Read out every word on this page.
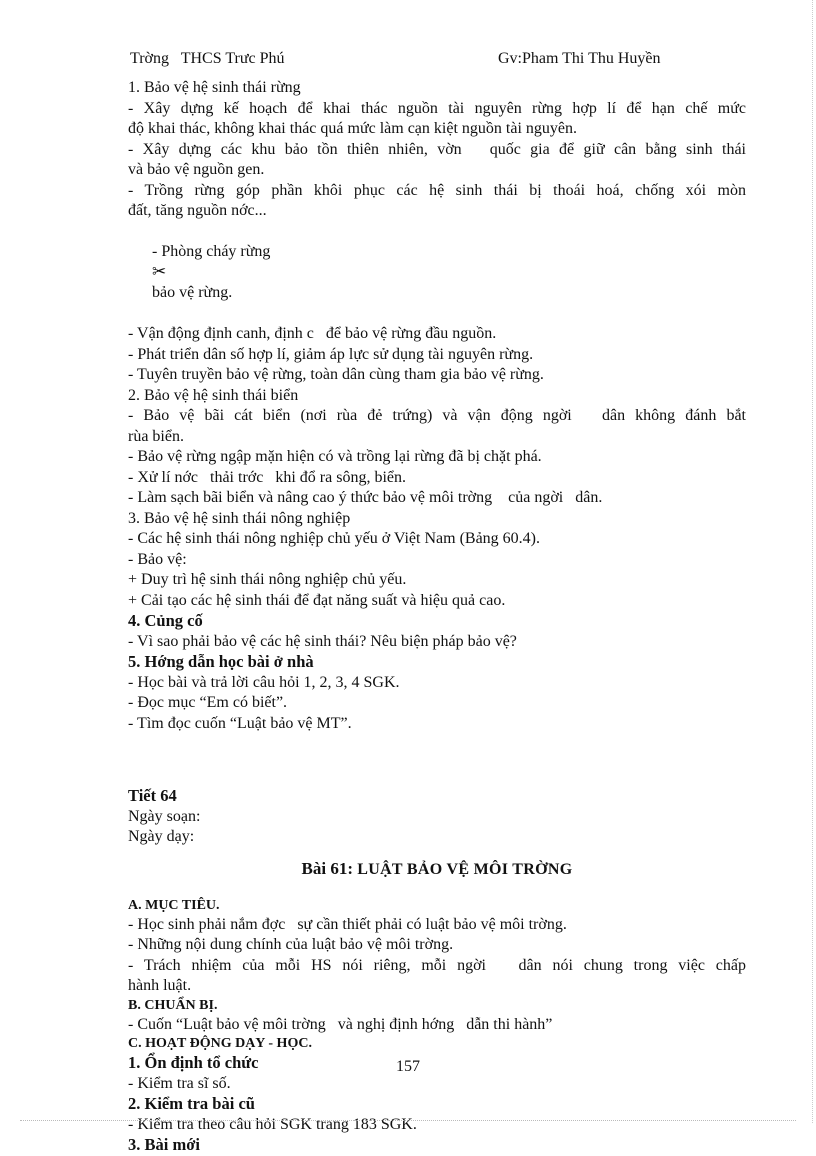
Trờng   THCS Trưc Phú	Gv:Pham Thi Thu Huyền
1. Bảo vệ hệ sinh thái rừng
- Xây dựng kế hoạch để khai thác nguồn tài nguyên rừng hợp lí để hạn chế mức
độ khai thác, không khai thác quá mức làm cạn kiệt nguồn tài nguyên.
- Xây dựng các khu bảo tồn thiên nhiên, vờn   quốc gia để giữ cân bằng sinh thái
và bảo vệ nguồn gen.
- Trồng rừng góp phần khôi phục các hệ sinh thái bị thoái hoá, chống xói mòn
đất, tăng nguồn nớc...

- Phòng cháy rừng
✂
bảo vệ rừng.

- Vận động định canh, định c   để bảo vệ rừng đầu nguồn.
- Phát triển dân số hợp lí, giảm áp lực sử dụng tài nguyên rừng.
- Tuyên truyền bảo vệ rừng, toàn dân cùng tham gia bảo vệ rừng.
2. Bảo vệ hệ sinh thái biển
- Bảo vệ bãi cát biển (nơi rùa đẻ trứng) và vận động ngời   dân không đánh bắt
rùa biển.
- Bảo vệ rừng ngập mặn hiện có và trồng lại rừng đã bị chặt phá.
- Xử lí nớc   thải trớc   khi đổ ra sông, biển.
- Làm sạch bãi biển và nâng cao ý thức bảo vệ môi trờng    của ngời   dân.
3. Bảo vệ hệ sinh thái nông nghiệp
- Các hệ sinh thái nông nghiệp chủ yếu ở Việt Nam (Bảng 60.4).
- Bảo vệ:
+ Duy trì hệ sinh thái nông nghiệp chủ yếu.
+ Cải tạo các hệ sinh thái để đạt năng suất và hiệu quả cao.
4. Củng cố
- Vì sao phải bảo vệ các hệ sinh thái? Nêu biện pháp bảo vệ?
5. Hớng dẫn học bài ở nhà
- Học bài và trả lời câu hỏi 1, 2, 3, 4 SGK.
- Đọc mục “Em có biết”.
- Tìm đọc cuốn “Luật bảo vệ MT”.
Tiết 64
Ngày soạn:
Ngày dạy:
Bài 61: LUẬT BẢO VỆ MÔI TRỜNG
A. MỤC TIÊU.
- Học sinh phải nắm đợc   sự cần thiết phải có luật bảo vệ môi trờng.
- Những nội dung chính của luật bảo vệ môi trờng.
- Trách nhiệm của mỗi HS nói riêng, mỗi ngời   dân nói chung trong việc chấp
hành luật.
B. CHUẨN BỊ.
- Cuốn “Luật bảo vệ môi trờng   và nghị định hớng   dẫn thi hành”
C. HOẠT ĐỘNG DẠY - HỌC.
1. Ổn định tổ chức
- Kiểm tra sĩ số.
2. Kiểm tra bài cũ
- Kiểm tra theo câu hỏi SGK trang 183 SGK.
3. Bài mới
157
